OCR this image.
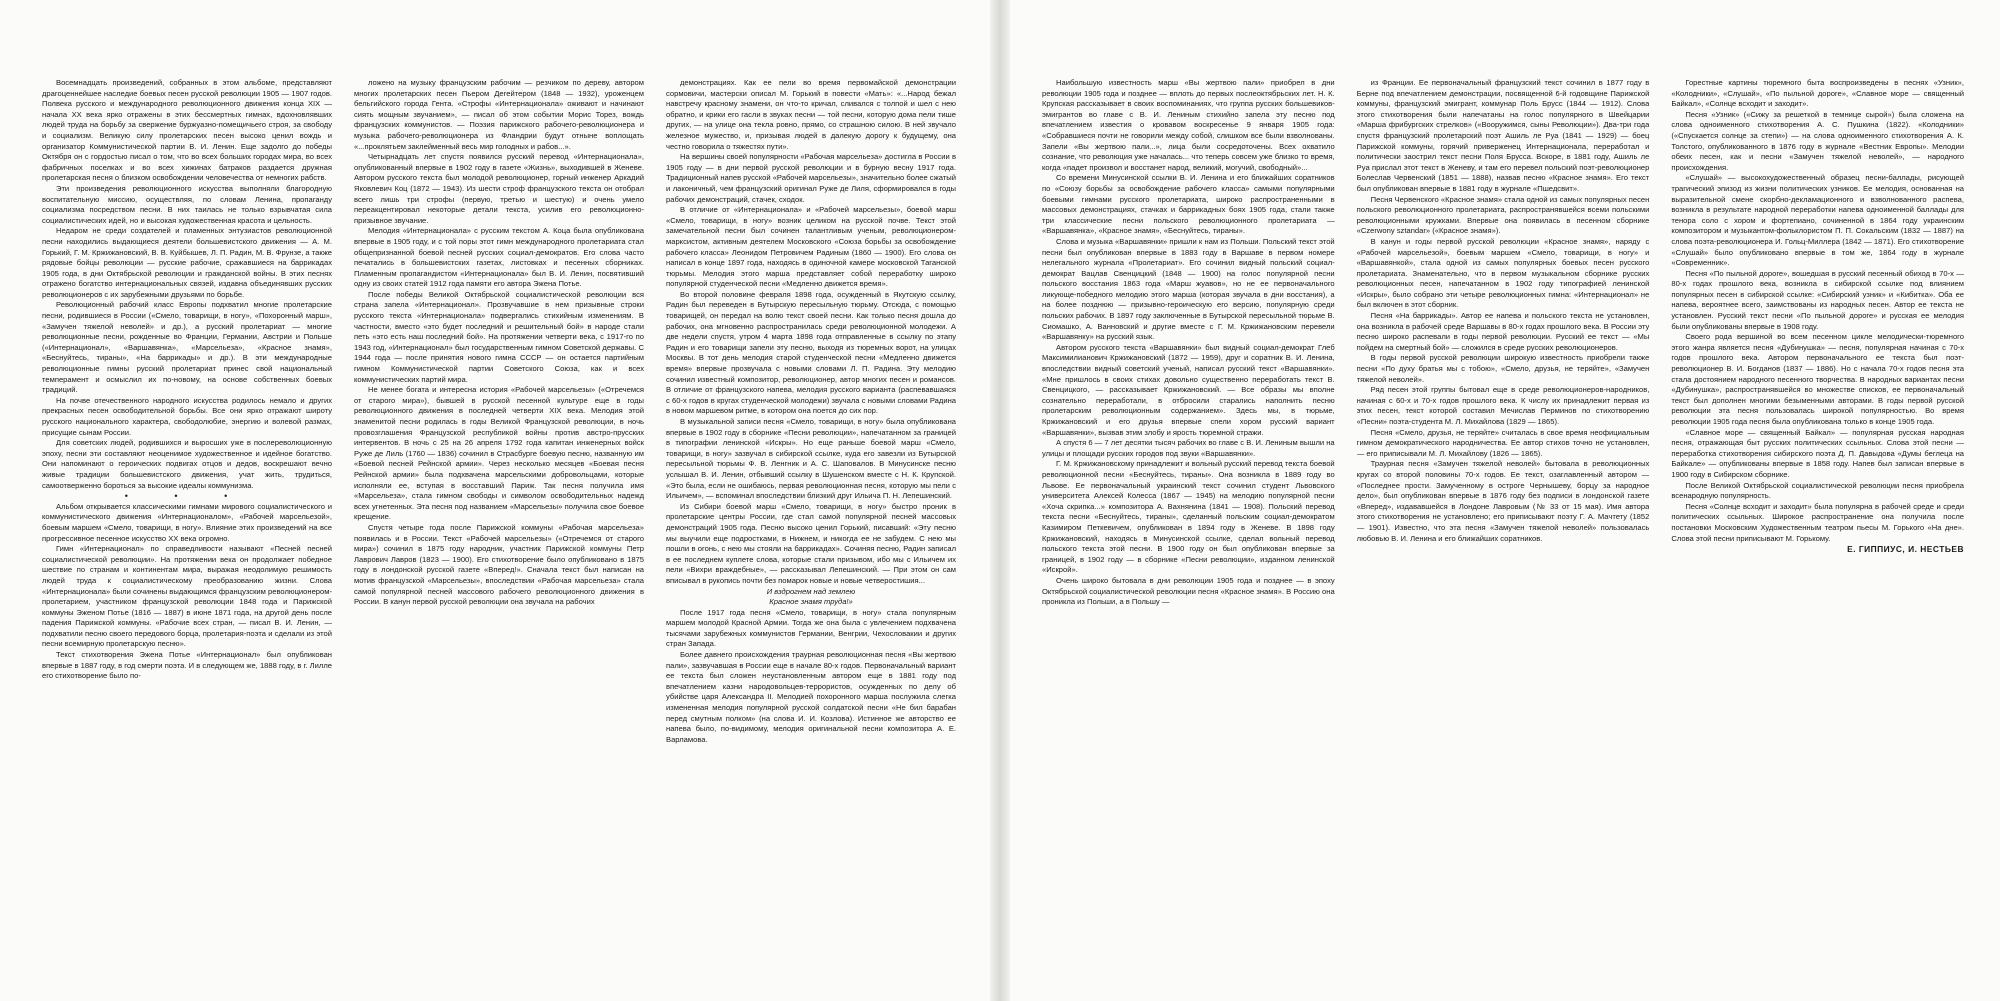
Восемнадцать произведений, собранных в этом альбоме, представляют драгоценнейшее наследие боевых песен русской революции 1905 — 1907 годов. Полвека русского и международного революционного движения конца XIX — начала XX века ярко отражены в этих бессмертных гимнах, вдохновлявших людей труда на борьбу за свержение буржуазно-помещичьего строя, за свободу и социализм. Великую силу пролетарских песен высоко ценил вождь и организатор Коммунистической партии В. И. Ленин. Еще задолго до победы Октября он с гордостью писал о том, что во всех больших городах мира, во всех фабричных поселках и во всех хижинах батраков раздается дружная пролетарская песня о близком освобождении человечества от немногих рабств.

Эти произведения революционного искусства выполняли благородную воспитательную миссию, осуществляя, по словам Ленина, пропаганду социализма посредством песни. В них таилась не только взрывчатая сила социалистических идей, но и высокая художественная красота и цельность.

Недаром не среди создателей и пламенных энтузиастов революционной песни находились выдающиеся деятели большевистского движения — А. М. Горький, Г. М. Кржижановский, В. В. Куйбышев, Л. П. Радин, М. В. Фрунзе, а также рядовые бойцы революции — русские рабочие, сражавшиеся на баррикадах 1905 года, в дни Октябрьской революции и гражданской войны. В этих песнях отражено богатство интернациональных связей, издавна объединявших русских революционеров с их зарубежными друзьями по борьбе.

Революционный рабочий класс Европы подхватил многие пролетарские песни, родившиеся в России («Смело, товарищи, в ногу», «Похоронный марш», «Замучен тяжелой неволей» и др.), а русский пролетариат — многие революционные песни, рожденные во Франции, Германии, Австрии и Польше («Интернационал», «Варшавянка», «Марсельеза», «Красное знамя», «Беснуйтесь, тираны», «На баррикады» и др.). В эти международные революционные гимны русский пролетариат принес свой национальный темперамент и осмыслил их по-новому, на основе собственных боевых традиций.

На почве отечественного народного искусства родилось немало и других прекрасных песен освободительной борьбы. Все они ярко отражают широту русского национального характера, свободолюбие, энергию и волевой размах, присущие сынам России.

Для советских людей, родившихся и выросших уже в послереволюционную эпоху, песни эти составляют неоценимое художественное и идейное богатство. Они напоминают о героических подвигах отцов и дедов, воскрешают вечно живые традиции большевистского движения, учат жить, трудиться, самоотверженно бороться за высокие идеалы коммунизма.

• • •

Альбом открывается классическими гимнами мирового социалистического и коммунистического движения «Интернационалом», «Рабочей марсельезой», боевым маршем «Смело, товарищи, в ногу». Влияние этих произведений на все прогрессивное песенное искусство XX века огромно.

Гимн «Интернационал» по справедливости называют «Песней песней социалистической революции». На протяжении века он продолжает победное шествие по странам и континентам мира, выражая неодолимую решимость людей труда к социалистическому преобразованию жизни. Слова «Интернационала» были сочинены выдающимся французским революционером-пролетарием, участником французской революции 1848 года и Парижской коммуны Эженом Потье (1816 — 1887) в июне 1871 года, на другой день после падения Парижской коммуны. «Рабочие всех стран, — писал В. И. Ленин, — подхватили песню своего передового борца, пролетария-поэта и сделали из этой песни всемирную пролетарскую песню».

Текст стихотворения Эжена Потье «Интернационал» был опубликован впервые в 1887 году, в год смерти поэта. И в следующем же, 1888 году, в г. Лилле его стихотворение было по-

ложено на музыку французским рабочим — резчиком по дереву, автором многих пролетарских песен Пьером Дегейтером (1848 — 1932), уроженцем бельгийского города Гента. «Строфы «Интернационала» оживают и начинают сиять мощным звучанием», — писал об этом событии Морис Торез, вождь французских коммунистов. — Поэзия парижского рабочего-революционера и музыка рабочего-революционера из Фландрии будут отныне воплощать «...проклятьем заклейменный весь мир голодных и рабов...».

Четырнадцать лет спустя появился русский перевод «Интернационала», опубликованный впервые в 1902 году в газете «Жизнь», выходившей в Женеве. Автором русского текста был молодой революционер, горный инженер Аркадий Яковлевич Коц (1872 — 1943). Из шести строф французского текста он отобрал всего лишь три строфы (первую, третью и шестую) и очень умело переакцентировал некоторые детали текста, усилив его революционно-призывное звучание.

Мелодия «Интернационала» с русским текстом А. Коца была опубликована впервые в 1905 году, и с той поры этот гимн международного пролетариата стал общепризнанной боевой песней русских социал-демократов. Его слова часто печатались в большевистских газетах, листовках и песенных сборниках. Пламенным пропагандистом «Интернационала» был В. И. Ленин, посвятивший одну из своих статей 1912 года памяти его автора Эжена Потье.

После победы Великой Октябрьской социалистической революции вся страна запела «Интернационал». Прозвучавшие в нем призывные строки русского текста «Интернационала» подвергались стихийным изменениям. В частности, вместо «это будет последний и решительный бой» в народе стали петь «это есть наш последний бой». На протяжении четверти века, с 1917-го по 1943 год, «Интернационал» был государственным гимном Советской державы. С 1944 года — после принятия нового гимна СССР — он остается партийным гимном Коммунистической партии Советского Союза, как и всех коммунистических партий мира.

Не менее богата и интересна история «Рабочей марсельезы» («Отречемся от старого мира»), бывшей в русской песенной культуре еще в годы революционного движения в последней четверти XIX века. Мелодия этой знаменитой песни родилась в годы Великой Французской революции, в ночь провозглашения Французской республикой войны против австро-прусских интервентов. В ночь с 25 на 26 апреля 1792 года капитан инженерных войск Руже де Лиль (1760 — 1836) сочинил в Страсбурге боевую песню, названную им «Боевой песней Рейнской армии». Через несколько месяцев «Боевая песня Рейнской армии» была подхвачена марсельскими добровольцами, которые исполняли ее, вступая в восставший Париж. Так песня получила имя «Марсельеза», стала гимном свободы и символом освободительных надежд всех угнетенных. Эта песня под названием «Марсельезы» получила свое боевое крещение.

Спустя четыре года после Парижской коммуны «Рабочая марсельеза» появилась и в России. Текст «Рабочей марсельезы» («Отречемся от старого мира») сочинил в 1875 году народник, участник Парижской коммуны Петр Лаврович Лавров (1823 — 1900). Его стихотворение было опубликовано в 1875 году в лондонской русской газете «Вперед!». Сначала текст был написан на мотив французской «Марсельезы», впоследствии «Рабочая марсельеза» стала самой популярной песней массового рабочего революционного движения в России. В канун первой русской революции она звучала на рабочих

демонстрациях. Как ее пели во время первомайской демонстрации сормовичи, мастерски описал М. Горький в повести «Мать»: «...Народ бежал навстречу красному знамени, он что-то кричал, сливался с толпой и шел с нею обратно, и крики его гасли в звуках песни — той песни, которую дома пели тише других, — на улице она текла ровно, прямо, со страшною силою. В ней звучало железное мужество, и, призывая людей в далекую дорогу к будущему, она честно говорила о тяжестях пути».

На вершины своей популярности «Рабочая марсельеза» достигла в России в 1905 году — в дни первой русской революции и в бурную весну 1917 года. Традиционный напев русской «Рабочей марсельезы», значительно более сжатый и лаконичный, чем французский оригинал Руже де Лиля, сформировался в годы рабочих демонстраций, стачек, сходок.

В отличие от «Интернационала» и «Рабочей марсельезы», боевой марш «Смело, товарищи, в ногу» возник целиком на русской почве. Текст этой замечательной песни был сочинен талантливым ученым, революционером-марксистом, активным деятелем Московского «Союза борьбы за освобождение рабочего класса» Леонидом Петровичем Радиным (1860 — 1900). Его слова он написал в конце 1897 года, находясь в одиночной камере московской Таганской тюрьмы. Мелодия этого марша представляет собой переработку широко популярной студенческой песни «Медленно движется время».

Во второй половине февраля 1898 года, осужденный в Якутскую ссылку, Радин был переведен в Бутырскую пересыльную тюрьму. Отсюда, с помощью товарищей, он передал на волю текст своей песни. Как только песня дошла до рабочих, она мгновенно распространилась среди революционной молодежи. А две недели спустя, утром 4 марта 1898 года отправленные в ссылку по этапу Радин и его товарищи запели эту песню, выходя из тюремных ворот, на улицах Москвы. В тот день мелодия старой студенческой песни «Медленно движется время» впервые прозвучала с новыми словами Л. П. Радина. Эту мелодию сочинил известный композитор, революционер, автор многих песен и романсов. В отличие от французского напева, мелодия русского варианта (распевавшаяся с 60-х годов в кругах студенческой молодежи) звучала с новыми словами Радина в новом маршевом ритме, в котором она поется до сих пор.

В музыкальной записи песня «Смело, товарищи, в ногу» была опубликована впервые в 1902 году в сборнике «Песни революции», напечатанном за границей в типографии ленинской «Искры». Но еще раньше боевой марш «Смело, товарищи, в ногу» зазвучал в сибирской ссылке, куда его завезли из Бутырской пересыльной тюрьмы Ф. В. Ленгник и А. С. Шаповалов. В Минусинске песню услышал В. И. Ленин, отбывший ссылку в Шушенском вместе с Н. К. Крупской. «Это была, если не ошибаюсь, первая революционная песня, которую мы пели с Ильичем», — вспоминал впоследствии близкий друг Ильича П. Н. Лепешинский.

Из Сибири боевой марш «Смело, товарищи, в ногу» быстро проник в пролетарские центры России, где стал самой популярной песней массовых демонстраций 1905 года. Песню высоко ценил Горький, писавший: «Эту песню мы выучили еще подростками, в Нижнем, и никогда ее не забудем. С нею мы пошли в огонь, с нею мы стояли на баррикадах». Сочиняя песню, Радин записал в ее последнем куплете слова, которые стали призывом, ибо мы с Ильичем их пели «Вихри враждебные», — рассказывал Лепешинский. — При этом он сам вписывал в рукопись почти без помарок новые и новые четверостишия...

И вздрогнем над землею

Красное знамя труда!»

После 1917 года песня «Смело, товарищи, в ногу» стала популярным маршем молодой Красной Армии. Тогда же она была с увлечением подхвачена тысячами зарубежных коммунистов Германии, Венгрии, Чехословакии и других стран Запада.

Более давнего происхождения траурная революционная песня «Вы жертвою пали», зазвучавшая в России еще в начале 80-х годов. Первоначальный вариант ее текста был сложен неустановленным автором еще в 1881 году под впечатлением казни народовольцев-террористов, осужденных по делу об убийстве царя Александра II. Мелодией похоронного марша послужила слегка измененная мелодия популярной русской солдатской песни «Не бил барабан перед смутным полком» (на слова И. И. Козлова). Истинное же авторство ее напева было, по-видимому, мелодия оригинальной песни композитора А. Е. Варламова.

Наибольшую известность марш «Вы жертвою пали» приобрел в дни революции 1905 года и позднее — вплоть до первых послеоктябрьских лет. Н. К. Крупская рассказывает в своих воспоминаниях, что группа русских большевиков-эмигрантов во главе с В. И. Лениным стихийно запела эту песню под впечатлением известия о кровавом воскресенье 9 января 1905 года: «Собравшиеся почти не говорили между собой, слишком все были взволнованы. Запели «Вы жертвою пали...», лица были сосредоточены. Всех охватило сознание, что революция уже началась... что теперь совсем уже близко то время, когда «падет произвол и восстанет народ, великий, могучий, свободный»...

Со времени Минусинской ссылки В. И. Ленина и его ближайших соратников по «Союзу борьбы за освобождение рабочего класса» самыми популярными боевыми гимнами русского пролетариата, широко распространенными в массовых демонстрациях, стачках и баррикадных боях 1905 года, стали также три классические песни польского революционного пролетариата — «Варшавянка», «Красное знамя», «Беснуйтесь, тираны».

Слова и музыка «Варшавянки» пришли к нам из Польши. Польский текст этой песни был опубликован впервые в 1883 году в Варшаве в первом номере нелегального журнала «Пролетариат». Его сочинил видный польский социал-демократ Вацлав Свенцицкий (1848 — 1900) на голос популярной песни польского восстания 1863 года «Марш жуавов», но не ее первоначального ликующе-победного мелодию этого марша (которая звучала в дни восстания), а на более позднюю — призывно-героическую его версию, популярную среди польских рабочих. В 1897 году заключенные в Бутырской пересыльной тюрьме В. Сиомашко, А. Ванновский и другие вместе с Г. М. Кржижановским перевели «Варшавянку» на русский язык.

Автором русского текста «Варшавянки» был видный социал-демократ Глеб Максимилианович Кржижановский (1872 — 1959), друг и соратник В. И. Ленина, впоследствии видный советский ученый, написал русский текст «Варшавянки». «Мне пришлось в своих стихах довольно существенно переработать текст В. Свенцицкого, — рассказывает Кржижановский. — Все образы мы вполне сознательно переработали, в отбросили старались наполнить песню пролетарским революционным содержанием». Здесь мы, в тюрьме, Кржижановский и его друзья впервые спели хором русский вариант «Варшавянки», вызвав этим злобу и ярость тюремной стражи.

А спустя 6 — 7 лет десятки тысяч рабочих во главе с В. И. Лениным вышли на улицы и площади русских городов под звуки «Варшавянки».

Г. М. Кржижановскому принадлежит и вольный русский перевод текста боевой революционной песни «Беснуйтесь, тираны». Она возникла в 1889 году во Львове. Ее первоначальный украинский текст сочинил студент Львовского университета Алексей Колесса (1867 — 1945) на мелодию популярной песни «Хоча скрипка...» композитора А. Вахнянина (1841 — 1908). Польский перевод текста песни «Беснуйтесь, тираны», сделанный польским социал-демократом Казимиром Петкевичем, опубликован в 1894 году в Женеве. В 1898 году Кржижановский, находясь в Минусинской ссылке, сделал вольный перевод польского текста этой песни. В 1900 году он был опубликован впервые за границей, в 1902 году — в сборнике «Песни революции», изданном ленинской «Искрой».

Очень широко бытовала в дни революции 1905 года и позднее — в эпоху Октябрьской социалистической революции песня «Красное знамя». В Россию она проникла из Польши, а в Польшу —

из Франции. Ее первоначальный французский текст сочинил в 1877 году в Берне под впечатлением демонстрации, посвященной 6-й годовщине Парижской коммуны, французский эмигрант, коммунар Поль Брусс (1844 — 1912). Слова этого стихотворения были напечатаны на голос популярного в Швейцарии «Марша фрибургских стрелков» («Вооружимся, сыны Революции»). Два-три года спустя французский пролетарский поэт Ашиль ле Руа (1841 — 1929) — боец Парижской коммуны, горячий приверженец Интернационала, переработал и политически заострил текст песни Поля Брусса. Вскоре, в 1881 году, Ашиль ле Руа прислал этот текст в Женеву, и там его перевел польский поэт-революционер Болеслав Червенский (1851 — 1888), назвав песню «Красное знамя». Его текст был опубликован впервые в 1881 году в журнале «Пшедсвит».

Песня Червенского «Красное знамя» стала одной из самых популярных песен польского революционного пролетариата, распространявшейся всеми польскими революционными кружками. Впервые она появилась в песенном сборнике «Czerwony sztandar» («Красное знамя»).

В канун и годы первой русской революции «Красное знамя», наряду с «Рабочей марсельезой», боевым маршем «Смело, товарищи, в ногу» и «Варшавянкой», стала одной из самых популярных боевых песен русского пролетариата. Знаменательно, что в первом музыкальном сборнике русских революционных песен, напечатанном в 1902 году типографией ленинской «Искры», было собрано эти четыре революционных гимна: «Интернационал» не был включен в этот сборник.

Песня «На баррикады». Автор ее напева и польского текста не установлен, она возникла в рабочей среде Варшавы в 80-х годах прошлого века. В России эту песню широко распевали в годы первой революции. Русский ее текст — «Мы пойдем на смертный бой» — сложился в среде русских революционеров.

В годы первой русской революции широкую известность приобрели также песни «По духу братья мы с тобою», «Смело, друзья, не теряйте», «Замучен тяжелой неволей».

Ряд песен этой группы бытовал еще в среде революционеров-народников, начиная с 60-х и 70-х годов прошлого века. К числу их принадлежит первая из этих песен, текст которой составил Мечислав Перминов по стихотворению «Песни» поэта-студента М. Л. Михайлова (1829 — 1865).

Песня «Смело, друзья, не теряйте» считалась в свое время неофициальным гимном демократического народничества. Ее автор стихов точно не установлен, — его приписывали М. Л. Михайлову (1826 — 1865).

Траурная песня «Замучен тяжелой неволей» бытовала в революционных кругах со второй половины 70-х годов. Ее текст, озаглавленный автором — «Последнее прости. Замученному в остроге Чернышеву, борцу за народное дело», был опубликован впервые в 1876 году без подписи в лондонской газете «Вперед», издававшейся в Лондоне Лавровым (№ 33 от 15 мая). Имя автора этого стихотворения не установлено; его приписывают поэту Г. А. Мачтету (1852 — 1901). Известно, что эта песня «Замучен тяжелой неволей» пользовалась любовью В. И. Ленина и его ближайших соратников.

Горестные картины тюремного быта воспроизведены в песнях «Узник», «Колодники», «Слушай», «По пыльной дороге», «Славное море — священный Байкал», «Солнце всходит и заходит».

Песня «Узник» («Сижу за решеткой в темнице сырой») была сложена на слова одноименного стихотворения А. С. Пушкина (1822). «Колодники» («Спускается солнце за степи») — на слова одноименного стихотворения А. К. Толстого, опубликованного в 1876 году в журнале «Вестник Европы». Мелодии обеих песен, как и песни «Замучен тяжелой неволей», — народного происхождения.

«Слушай» — высокохудожественный образец песни-баллады, рисующей трагический эпизод из жизни политических узников. Ее мелодия, основанная на выразительной смене скорбно-декламационного и взволнованного распева, возникла в результате народной переработки напева одноименной баллады для тенора соло с хором и фортепиано, сочиненной в 1864 году украинским композитором и музыкантом-фольклористом П. П. Сокальским (1832 — 1887) на слова поэта-революционера И. Гольц-Миллера (1842 — 1871). Его стихотворение «Слушай» было опубликовано впервые в том же, 1864 году в журнале «Современник».

Песня «По пыльной дороге», вошедшая в русский песенный обиход в 70-х — 80-х годах прошлого века, возникла в сибирской ссылке под влиянием популярных песен в сибирской ссылке: «Сибирский узник» и «Кибитка». Оба ее напева, вероятнее всего, заимствованы из народных песен. Автор ее текста не установлен. Русский текст песни «По пыльной дороге» и русская ее мелодия были опубликованы впервые в 1908 году.

Своего рода вершиной во всем песенном цикле мелодически-тюремного этого жанра является песня «Дубинушка» — песня, популярная начиная с 70-х годов прошлого века. Автором первоначального ее текста был поэт-революционер В. И. Богданов (1837 — 1886). Но с начала 70-х годов песня эта стала достоянием народного песенного творчества. В народных вариантах песни «Дубинушка», распространявшейся во множестве списков, ее первоначальный текст был дополнен многими безыменными авторами. В годы первой русской революции эта песня пользовалась широкой популярностью. Во время революции 1905 года песня была опубликована только в конце 1905 года.

«Славное море — священный Байкал» — популярная русская народная песня, отражающая быт русских политических ссыльных. Слова этой песни — переработка стихотворения сибирского поэта Д. П. Давыдова «Думы беглеца на Байкале» — опубликованы впервые в 1858 году. Напев был записан впервые в 1900 году в Сибирском сборнике.

После Великой Октябрьской социалистической революции песня приобрела всенародную популярность.

Песня «Солнце всходит и заходит» была популярна в рабочей среде и среди политических ссыльных. Широкое распространение она получила после постановки Московским Художественным театром пьесы М. Горького «На дне». Слова этой песни приписывают М. Горькому.

Е. ГИППИУС, И. НЕСТЬЕВ
